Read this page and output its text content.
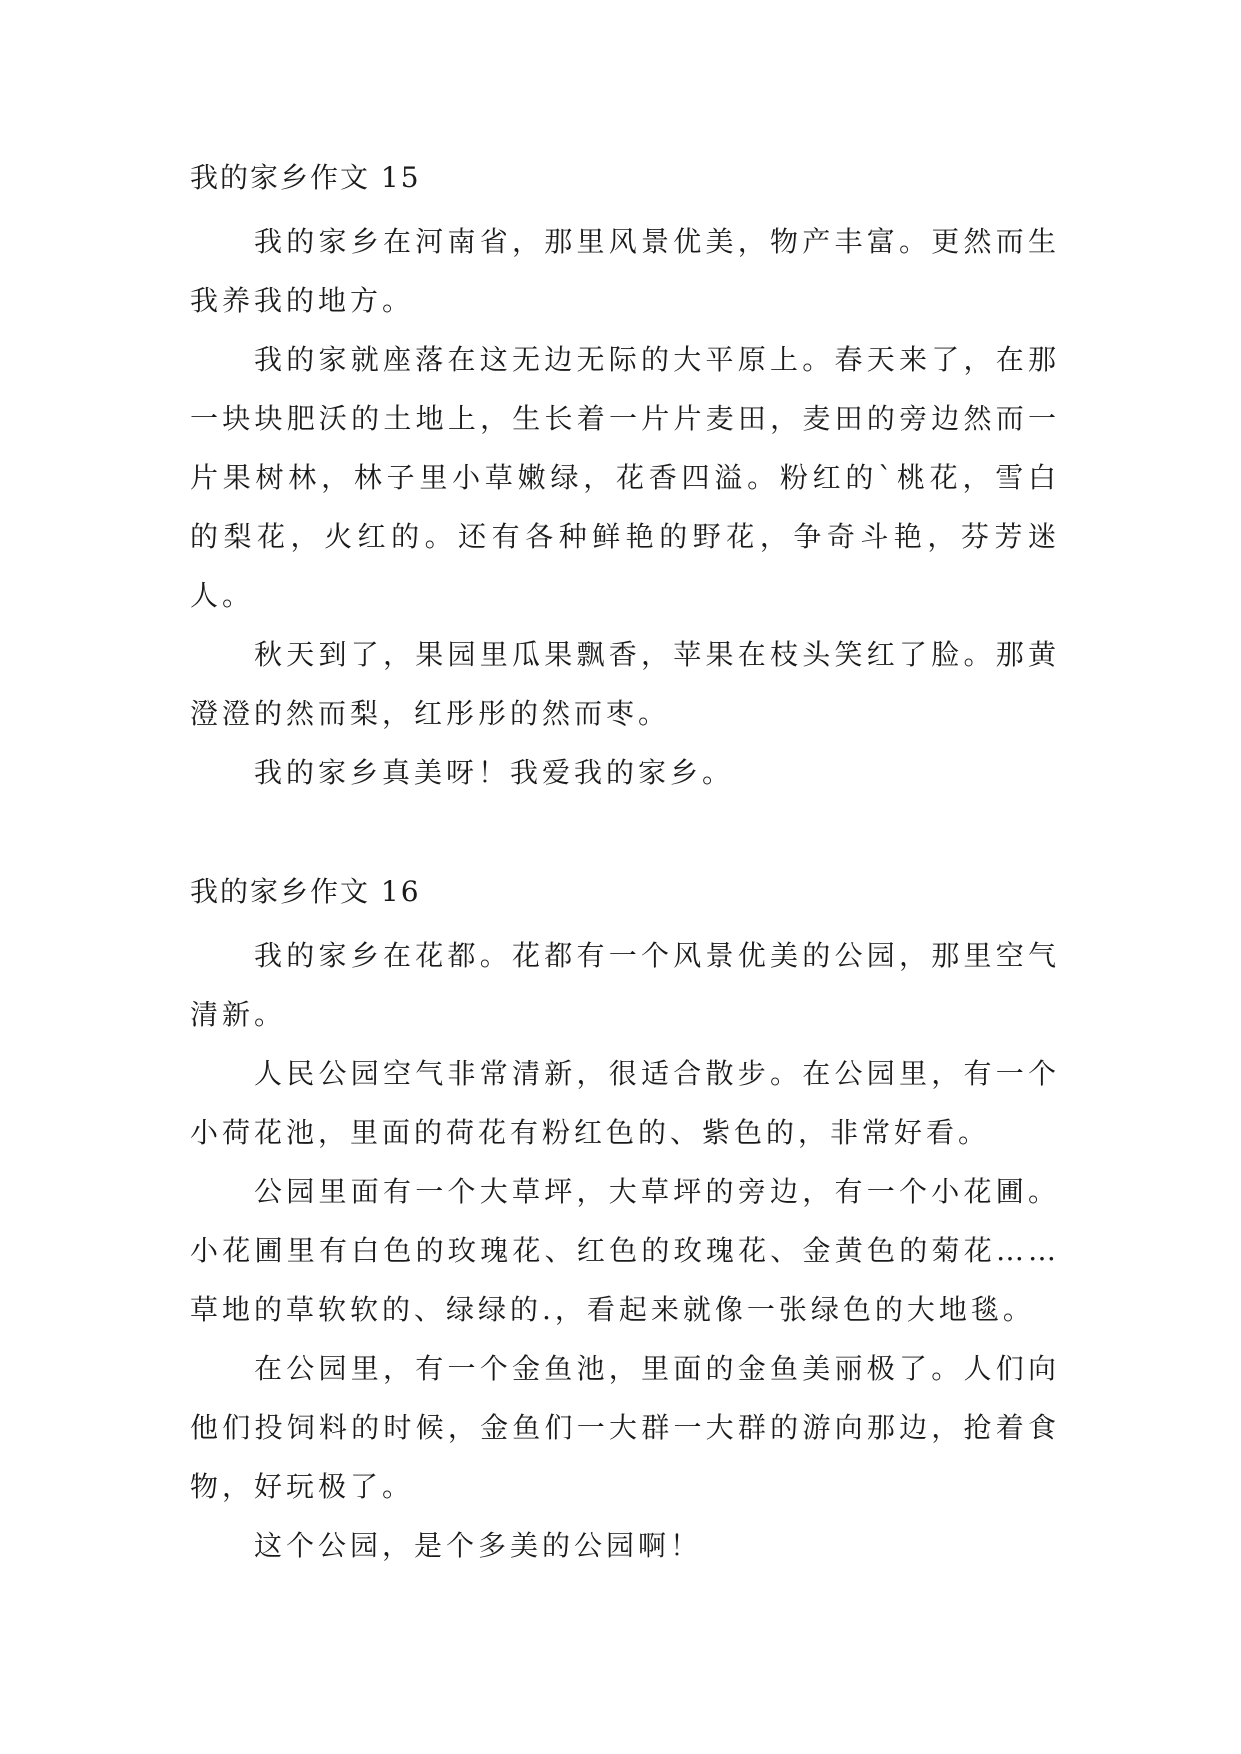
我的家乡作文 15

我的家乡在河南省，那里风景优美，物产丰富。更然而生我养我的地方。

我的家就座落在这无边无际的大平原上。春天来了，在那一块块肥沃的土地上，生长着一片片麦田，麦田的旁边然而一片果树林，林子里小草嫩绿，花香四溢。粉红的`桃花，雪白的梨花，火红的。还有各种鲜艳的野花，争奇斗艳，芬芳迷人。

秋天到了，果园里瓜果飘香，苹果在枝头笑红了脸。那黄澄澄的然而梨，红彤彤的然而枣。

我的家乡真美呀！我爱我的家乡。

我的家乡作文 16

我的家乡在花都。花都有一个风景优美的公园，那里空气清新。

人民公园空气非常清新，很适合散步。在公园里，有一个小荷花池，里面的荷花有粉红色的、紫色的，非常好看。

公园里面有一个大草坪，大草坪的旁边，有一个小花圃。小花圃里有白色的玫瑰花、红色的玫瑰花、金黄色的菊花……草地的草软软的、绿绿的.，看起来就像一张绿色的大地毯。

在公园里，有一个金鱼池，里面的金鱼美丽极了。人们向他们投饲料的时候，金鱼们一大群一大群的游向那边，抢着食物，好玩极了。

这个公园，是个多美的公园啊！
